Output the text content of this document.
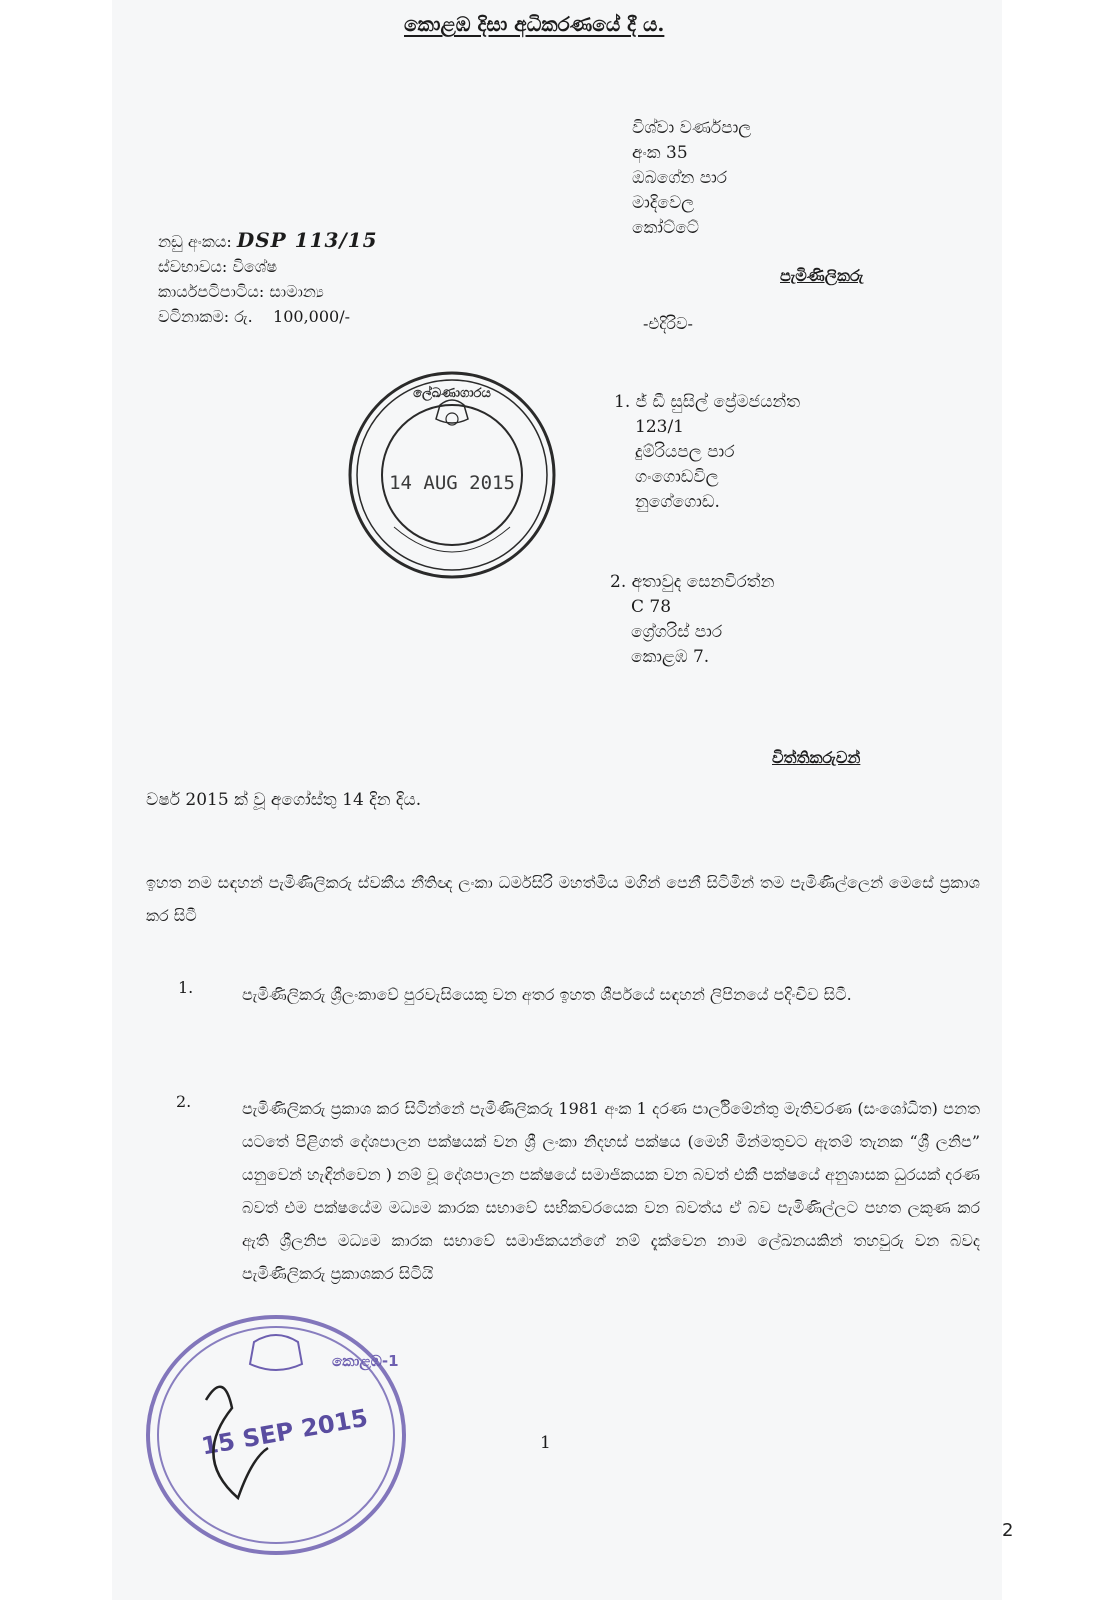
කොළඹ දිසා අධිකරණයේ දී ය.
විශ්වා වර්ණපාල
අංක 35
ඔබගේන පාර
මාදිවෙල
කෝට්ටේ
නඩු අංකය: DSP 113/15
ස්වභාවය: විශේෂ
කාර්යපටිපාටිය: සාමාන්‍ය
වටිනාකම: රු. 100,000/-
පැමිණිලිකරු
-එදිරිව-
1. ජ් ඩී සුසිල් ප්‍රේමජයන්ත
123/1
දුම්රියපල පාර
ගංගොඩවිල
නුගේගොඩ.
2. අතාවුද සෙනවිරත්න
C 78
ග්‍රේගරිස් පාර
කොළඹ 7.
විත්තිකරුවන්
වර්ෂ 2015 ක් වූ අගෝස්තු 14 දින දිය.
ඉහත නම සඳහන් පැමිණිලිකරු ස්වකීය නීතිඥ ලංකා ධර්මසිරි මහත්මිය මගින් පෙනී සිටිමින් තම පැමිණිල්ලෙන් මෙසේ ප්‍රකාශ කර සිටී
1.	පැමිණිලිකරු ශ්‍රීලංකාවේ පුරවැසියෙකු වන අතර ඉහත ශීර්පයේ සඳහන් ලිපිනයේ පදිංචිව සිටී.
2.	පැමිණිලිකරු ප්‍රකාශ කර සිටින්නේ පැමිණිලිකරු 1981 අංක 1 දරණ පාර්ලිමේන්තු මැතිවරණ (සංශෝධිත) පනත යටතේ පිළිගත් දේශපාලන පක්ෂයක් වන ශ්‍රී ලංකා නිදහස් පක්ෂය (මෙහි මින්මතුවට ඇතම් තැනක “ශ්‍රී ලනිප” යනුවෙන් හැඳින්වෙන ) නම් වූ දේශපාලන පක්ෂයේ සමාජිකයක වන බවත් එකී පක්ෂයේ අනුශාසක ධුරයක් දරණ බවත් එම පක්ෂයේම මධ්‍යම කාරක සභාවේ සභිකවරයෙක වන බවත්ය ඒ බව පැමිණිල්ලට පහත ලකුණ කර ඇති ශ්‍රීලනිප මධ්‍යම කාරක සභාවේ සමාජිකයන්ගේ නම් දැක්වෙන නාම ලේඛනයකින් තහවුරු වන බවද පැමිණිලිකරු ප්‍රකාශකර සිටියි
1
2
14 AUG 2015
ලේඛණාගාරය
කොළඹ-1
15 SEP 2015
